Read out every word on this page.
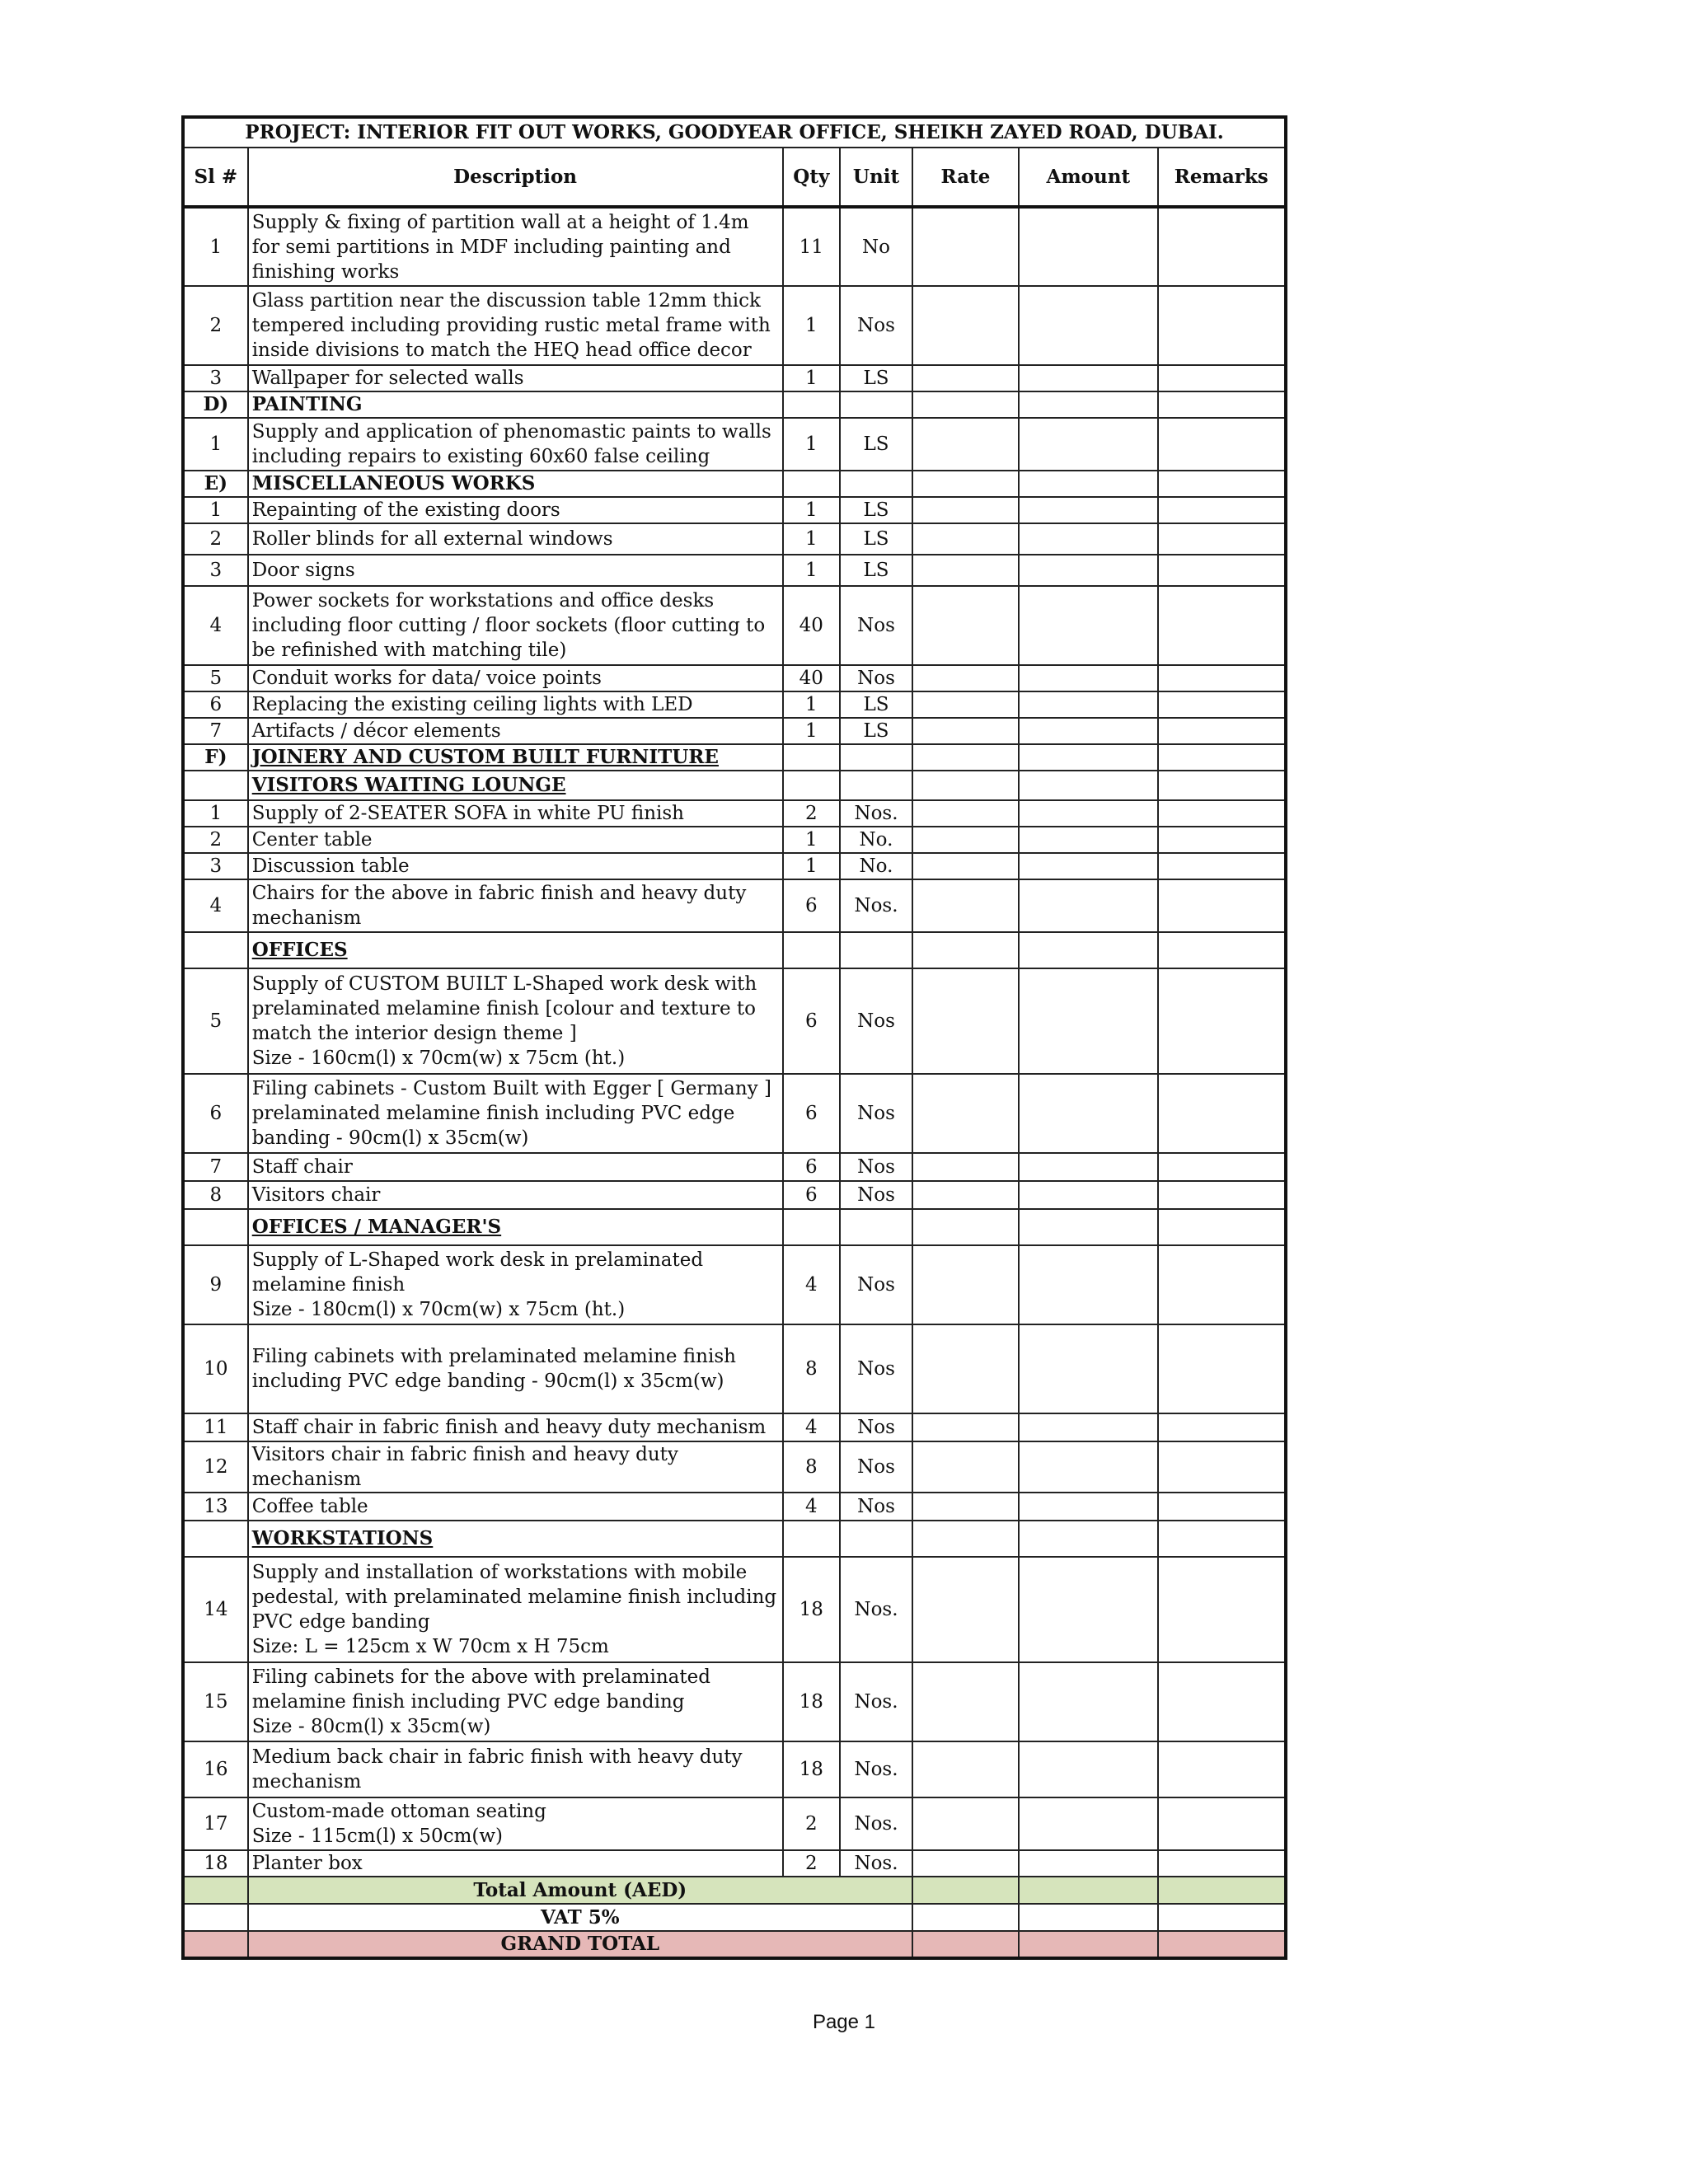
PROJECT: INTERIOR FIT OUT WORKS, GOODYEAR OFFICE, SHEIKH ZAYED ROAD, DUBAI.						
Sl #	Description	Qty	Unit	Rate	Amount	Remarks
1	Supply & fixing of partition wall at a height of 1.4m for semi partitions in MDF including painting and finishing works	11	No			
2	Glass partition near the discussion table 12mm thick tempered including providing rustic metal frame with inside divisions to match the HEQ head office decor	1	Nos			
3	Wallpaper for selected walls	1	LS			
D)	PAINTING					
1	Supply and application of phenomastic paints to walls including repairs to existing 60x60 false ceiling	1	LS			
E)	MISCELLANEOUS WORKS					
1	Repainting of the existing doors	1	LS			
2	Roller blinds for all external windows	1	LS			
3	Door signs	1	LS			
4	Power sockets for workstations and office desks including floor cutting / floor sockets (floor cutting to be refinished with matching tile)	40	Nos			
5	Conduit works for data/ voice points	40	Nos			
6	Replacing the existing ceiling lights with LED	1	LS			
7	Artifacts / décor elements	1	LS			
F)	JOINERY AND CUSTOM BUILT FURNITURE					
	VISITORS WAITING LOUNGE					
1	Supply of 2-SEATER SOFA in white PU finish	2	Nos.			
2	Center table	1	No.			
3	Discussion table	1	No.			
4	Chairs for the above in fabric finish and heavy duty mechanism	6	Nos.			
	OFFICES					
5	Supply of CUSTOM BUILT L-Shaped work desk with prelaminated melamine finish [colour and texture to match the interior design theme ]
Size - 160cm(l) x 70cm(w) x 75cm (ht.)	6	Nos			
6	Filing cabinets - Custom Built with Egger [ Germany ] prelaminated melamine finish including PVC edge banding - 90cm(l) x 35cm(w)	6	Nos			
7	Staff chair	6	Nos			
8	Visitors chair	6	Nos			
	OFFICES / MANAGER'S					
9	Supply of L-Shaped work desk in prelaminated melamine finish
Size - 180cm(l) x 70cm(w) x 75cm (ht.)	4	Nos			
10	Filing cabinets with prelaminated melamine finish including PVC edge banding - 90cm(l) x 35cm(w)	8	Nos			
11	Staff chair in fabric finish and heavy duty mechanism	4	Nos			
12	Visitors chair in fabric finish and heavy duty mechanism	8	Nos			
13	Coffee table	4	Nos			
	WORKSTATIONS					
14	Supply and installation of workstations with mobile pedestal, with prelaminated melamine finish including PVC edge banding
Size: L = 125cm x W 70cm x H 75cm	18	Nos.			
15	Filing cabinets for the above with prelaminated melamine finish including PVC edge banding
Size - 80cm(l) x 35cm(w)	18	Nos.			
16	Medium back chair in fabric finish with heavy duty mechanism	18	Nos.			
17	Custom-made ottoman seating
Size - 115cm(l) x 50cm(w)	2	Nos.			
18	Planter box	2	Nos.			
	Total Amount (AED)					
	VAT 5%					
	GRAND TOTAL					
Page 1
